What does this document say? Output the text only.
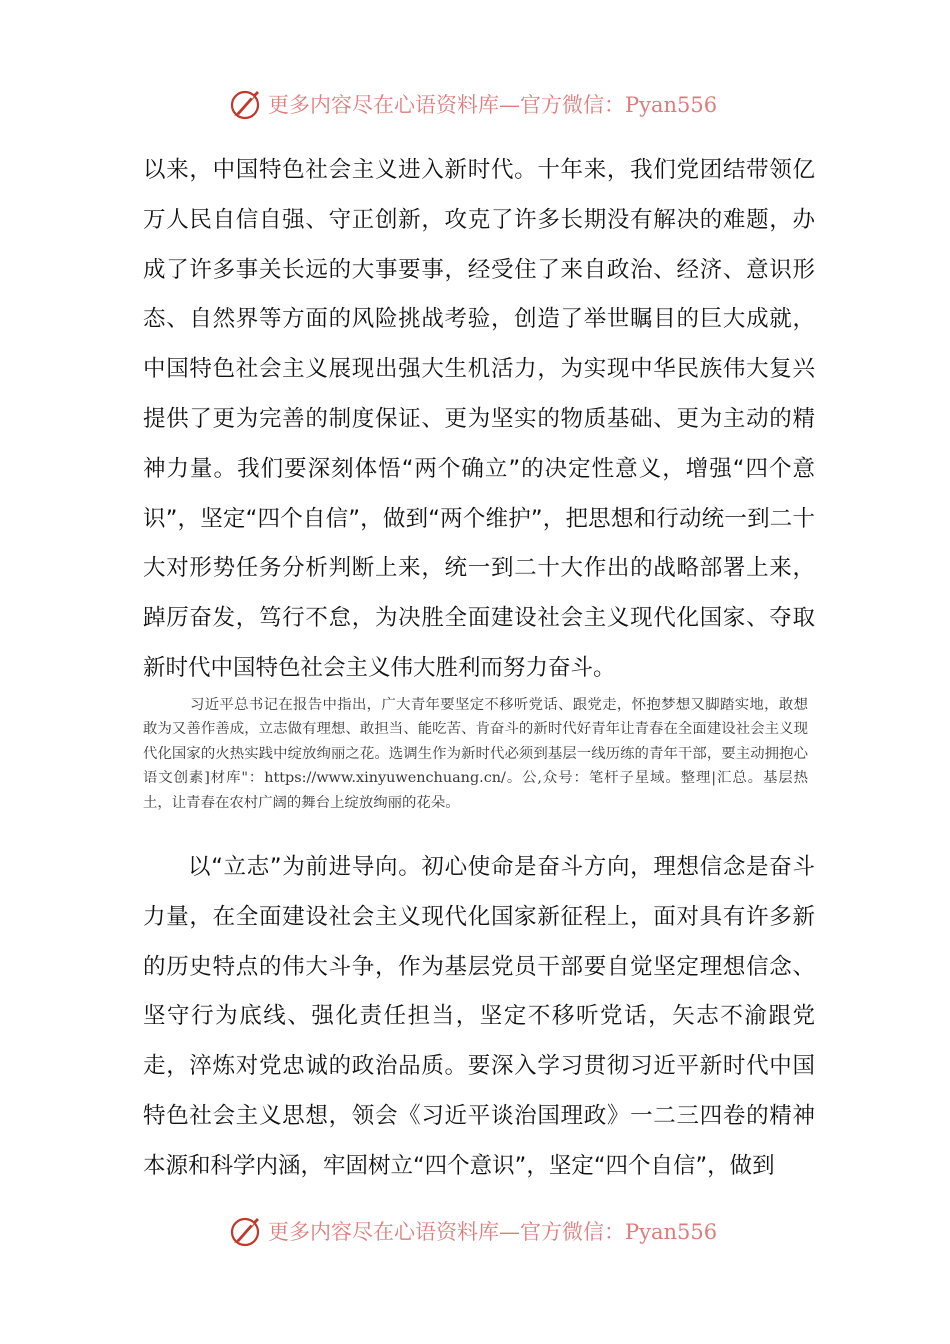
更多内容尽在心语资料库—官方微信：Pyan556

以来，中国特色社会主义进入新时代。十年来，我们党团结带领亿万人民自信自强、守正创新，攻克了许多长期没有解决的难题，办成了许多事关长远的大事要事，经受住了来自政治、经济、意识形态、自然界等方面的风险挑战考验，创造了举世瞩目的巨大成就，中国特色社会主义展现出强大生机活力，为实现中华民族伟大复兴提供了更为完善的制度保证、更为坚实的物质基础、更为主动的精神力量。我们要深刻体悟“两个确立”的决定性意义，增强“四个意识”，坚定“四个自信”，做到“两个维护”，把思想和行动统一到二十大对形势任务分析判断上来，统一到二十大作出的战略部署上来，踔厉奋发，笃行不怠，为决胜全面建设社会主义现代化国家、夺取新时代中国特色社会主义伟大胜利而努力奋斗。

习近平总书记在报告中指出，广大青年要坚定不移听党话、跟党走，怀抱梦想又脚踏实地，敢想敢为又善作善成，立志做有理想、敢担当、能吃苦、肯奋斗的新时代好青年让青春在全面建设社会主义现代化国家的火热实践中绽放绚丽之花。选调生作为新时代必须到基层一线历练的青年干部，要主动拥抱心语文创素]材库"：https://www.xinyuwenchuang.cn/。公,众号：笔杆子星域。整理|汇总。基层热土，让青春在农村广阔的舞台上绽放绚丽的花朵。

以“立志”为前进导向。初心使命是奋斗方向，理想信念是奋斗力量，在全面建设社会主义现代化国家新征程上，面对具有许多新的历史特点的伟大斗争，作为基层党员干部要自觉坚定理想信念、坚守行为底线、强化责任担当，坚定不移听党话，矢志不渝跟党走，淬炼对党忠诚的政治品质。要深入学习贯彻习近平新时代中国特色社会主义思想，领会《习近平谈治国理政》一二三四卷的精神本源和科学内涵，牢固树立“四个意识”，坚定“四个自信”，做到

更多内容尽在心语资料库—官方微信：Pyan556
